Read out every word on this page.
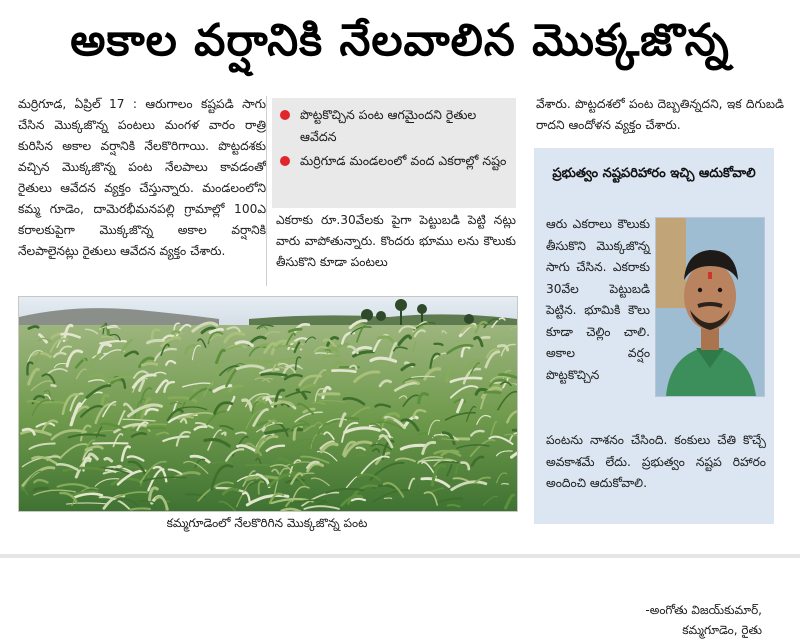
అకాల వర్షానికి నేలవాలిన మొక్కజొన్న

మర్రిగూడ, ఏప్రిల్ 17 : ఆరుగాలం కష్టపడి సాగు చేసిన మొక్కజొన్న పంటలు మంగళ వారం రాత్రి కురిసిన అకాల వర్షానికి నేలకొరిగాయి. పొట్టదశకు వచ్చిన మొక్కజొన్న పంట నేలపాలు కావడంతో రైతులు ఆవేదన వ్యక్తం చేస్తున్నారు. మండలంలోని కమ్మ గూడెం, దామెరభీమనపల్లి గ్రామాల్లో 100ఎ కరాలకుపైగా మొక్కజొన్న అకాల వర్షానికి నేలపాలైనట్లు రైతులు ఆవేదన వ్యక్తం చేశారు.

పొట్టకొచ్చిన పంట ఆగమైందని రైతుల ఆవేదన
మర్రిగూడ మండలంలో వంద ఎకరాల్లో నష్టం

ఎకరాకు రూ.30వేలకు పైగా పెట్టుబడి పెట్టి నట్లు వారు వాపోతున్నారు. కొందరు భూము లను కౌలుకు తీసుకొని కూడా పంటలు

వేశారు. పొట్టదశలో పంట దెబ్బతిన్నదని, ఇక దిగుబడి రాదని ఆందోళన వ్యక్తం చేశారు.

కమ్మగూడెంలో నేలకొరిగిన మొక్కజొన్న పంట
ప్రభుత్వం నష్టపరిహారం ఇచ్చి ఆదుకోవాలి
ఆరు ఎకరాలు కౌలుకు తీసుకొని మొక్కజొన్న సాగు చేసిన. ఎకరాకు 30వేల పెట్టుబడి పెట్టిన. భూమికి కౌలు కూడా చెల్లిం చాలి. అకాల వర్షం పొట్టకొచ్చిన
పంటను నాశనం చేసింది. కంకులు చేతి కొచ్చే అవకాశమే లేదు. ప్రభుత్వం నష్టప రిహారం అందించి ఆదుకోవాలి.
-అంగోతు విజయ్‌కుమార్,
కమ్మగూడెం, రైతు
